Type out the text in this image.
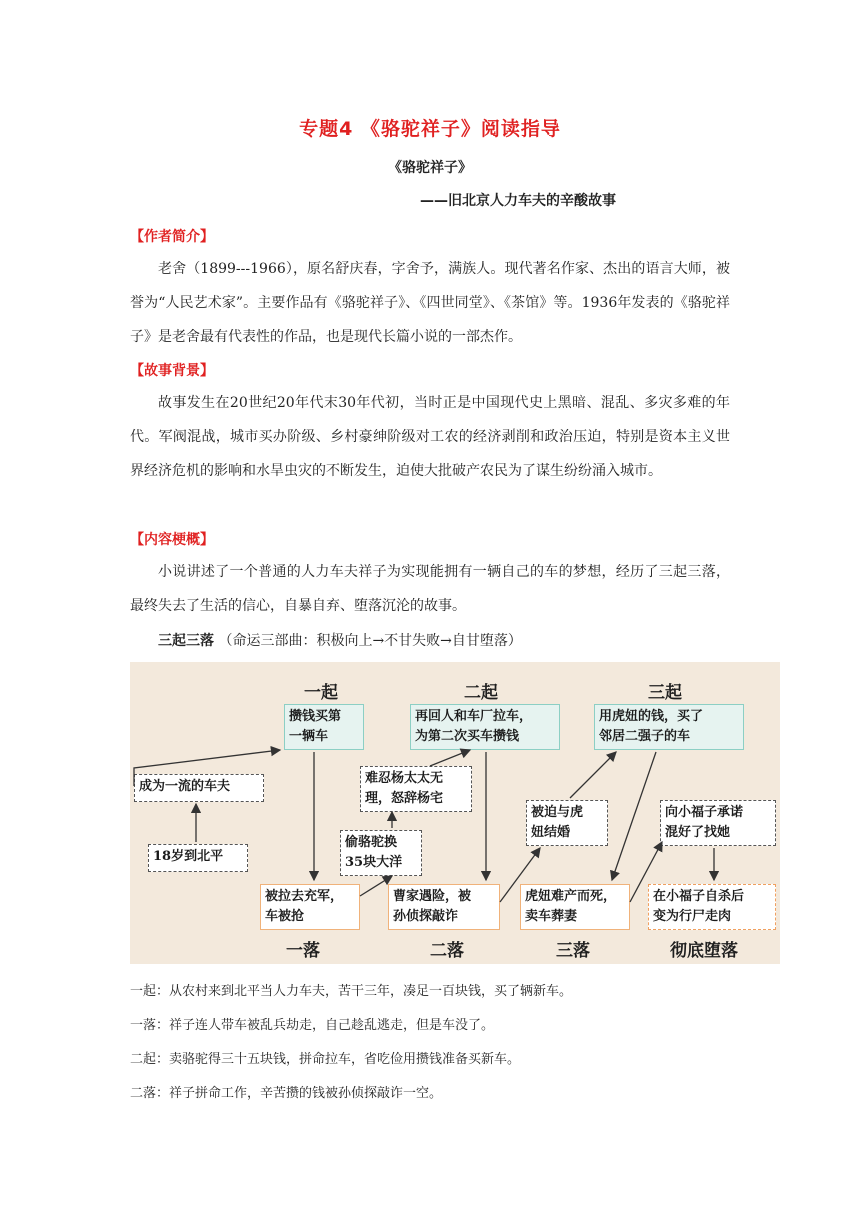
专题4 《骆驼祥子》阅读指导
《骆驼祥子》
——旧北京人力车夫的辛酸故事
【作者简介】

老舍（1899---1966），原名舒庆春，字舍予，满族人。现代著名作家、杰出的语言大师，被誉为“人民艺术家”。主要作品有《骆驼祥子》、《四世同堂》、《茶馆》等。1936年发表的《骆驼祥子》是老舍最有代表性的作品，也是现代长篇小说的一部杰作。

【故事背景】

故事发生在20世纪20年代末30年代初，当时正是中国现代史上黑暗、混乱、多灾多难的年代。军阀混战，城市买办阶级、乡村豪绅阶级对工农的经济剥削和政治压迫，特别是资本主义世界经济危机的影响和水旱虫灾的不断发生，迫使大批破产农民为了谋生纷纷涌入城市。

【内容梗概】

小说讲述了一个普通的人力车夫祥子为实现能拥有一辆自己的车的梦想，经历了三起三落，最终失去了生活的信心，自暴自弃、堕落沉沦的故事。

三起三落 （命运三部曲：积极向上→不甘失败→自甘堕落）
一起	二起	三起
攒钱买第
一辆车
再回人和车厂拉车，
为第二次买车攒钱
用虎妞的钱，买了
邻居二强子的车
成为一流的车夫
难忍杨太太无
理，怒辞杨宅
18岁到北平
偷骆驼换
35块大洋
被迫与虎
妞结婚
向小福子承诺
混好了找她
被拉去充军，
车被抢
曹家遇险，被
孙侦探敲诈
虎妞难产而死，
卖车葬妻
在小福子自杀后
变为行尸走肉
一落	二落	三落	彻底堕落
一起：从农村来到北平当人力车夫，苦干三年，凑足一百块钱，买了辆新车。
一落：祥子连人带车被乱兵劫走，自己趁乱逃走，但是车没了。
二起：卖骆驼得三十五块钱，拼命拉车，省吃俭用攒钱准备买新车。
二落：祥子拼命工作，辛苦攒的钱被孙侦探敲诈一空。
